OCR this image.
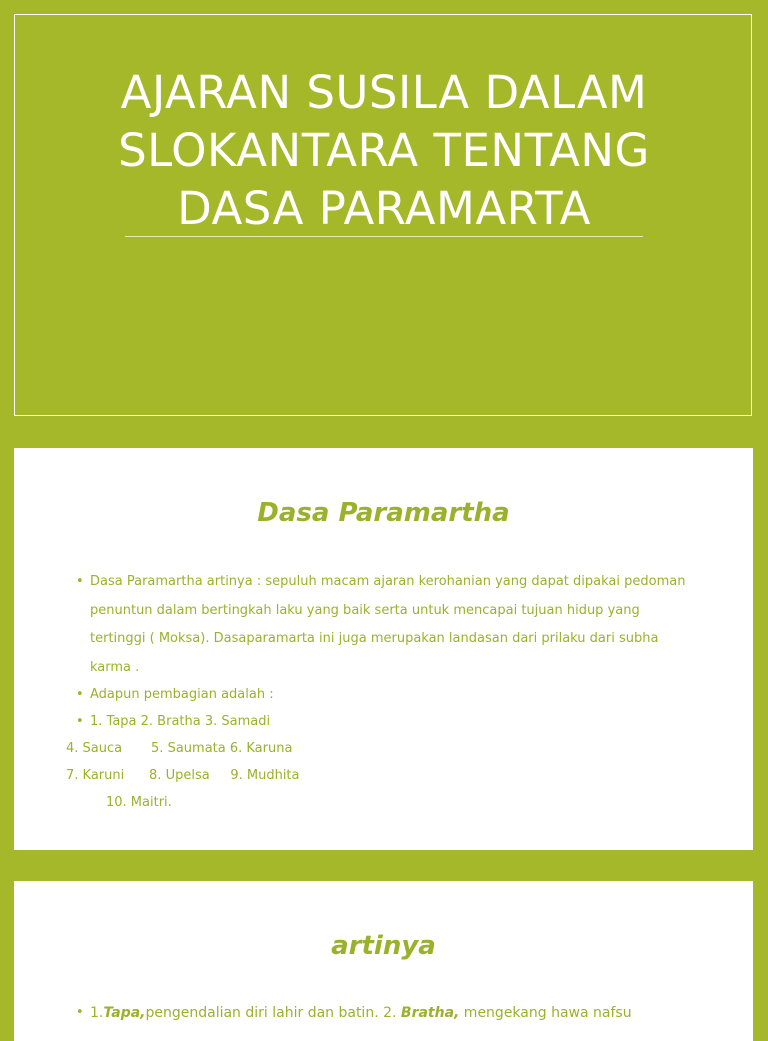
AJARAN SUSILA DALAM
SLOKANTARA TENTANG
DASA PARAMARTA
Dasa Paramartha
• Dasa Paramartha artinya : sepuluh macam ajaran kerohanian yang dapat dipakai pedoman
penuntun dalam bertingkah laku yang baik serta untuk mencapai tujuan hidup yang
tertinggi ( Moksa). Dasaparamarta ini juga merupakan landasan dari prilaku dari subha
karma .
• Adapun pembagian adalah :
• 1. Tapa 2. Bratha 3. Samadi

4. Sauca       5. Saumata 6. Karuna

7. Karuni      8. Upelsa     9. Mudhita

10. Maitri.

artinya
• 1.Tapa,pengendalian diri lahir dan batin. 2. Bratha, mengekang hawa nafsu
